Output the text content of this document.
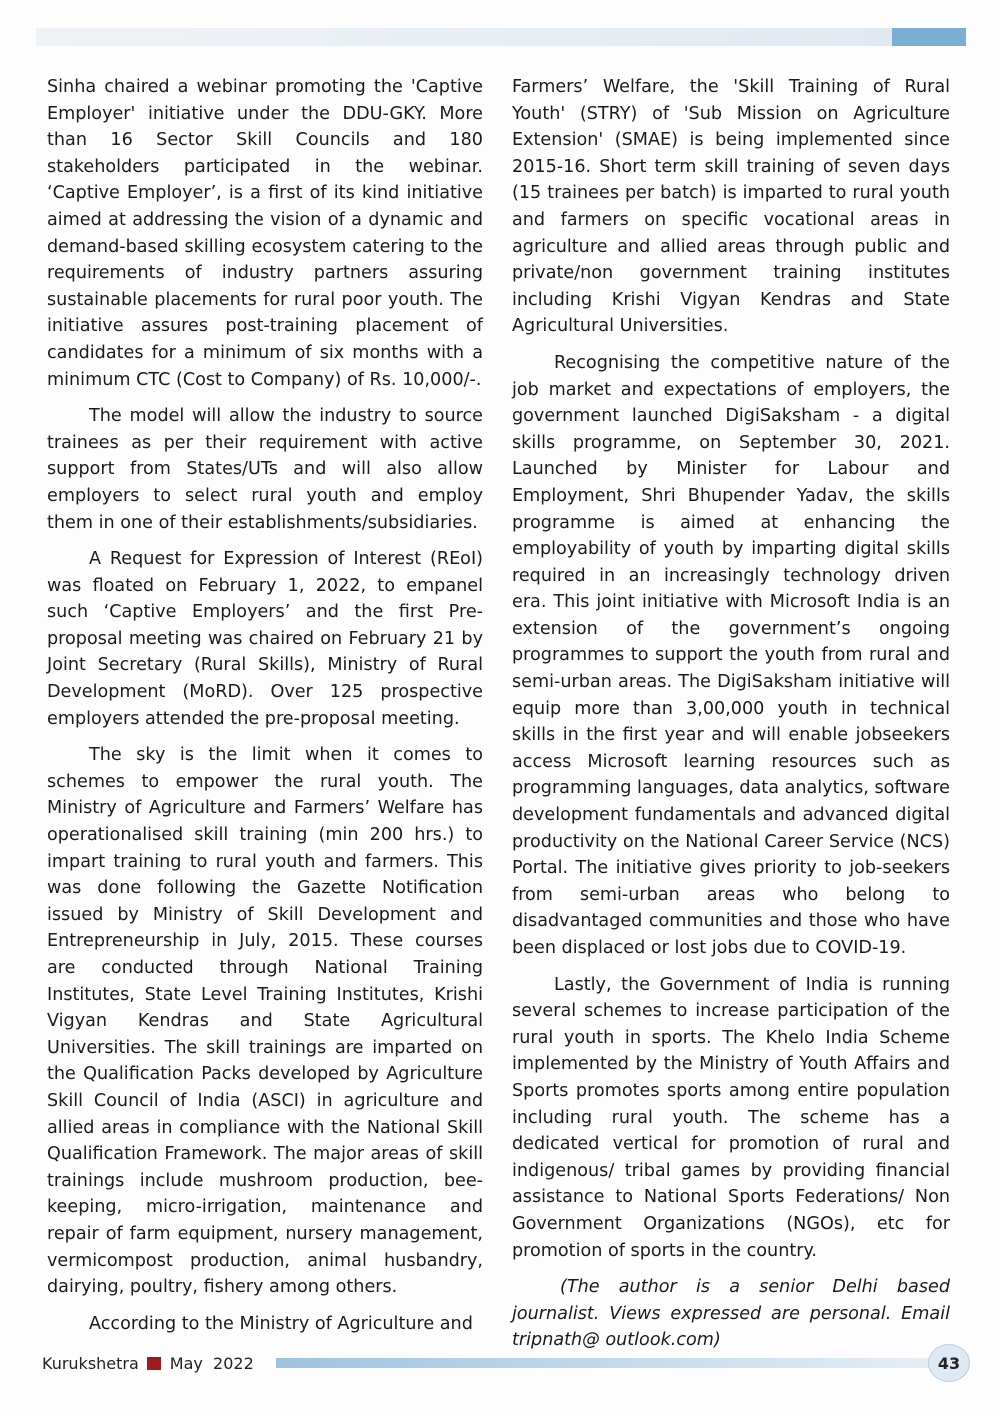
Sinha chaired a webinar promoting the 'Captive Employer' initiative under the DDU-GKY. More than 16 Sector Skill Councils and 180 stakeholders participated in the webinar. ‘Captive Employer’, is a first of its kind initiative aimed at addressing the vision of a dynamic and demand-based skilling ecosystem catering to the requirements of industry partners assuring sustainable placements for rural poor youth. The initiative assures post-training placement of candidates for a minimum of six months with a minimum CTC (Cost to Company) of Rs. 10,000/-.

The model will allow the industry to source trainees as per their requirement with active support from States/UTs and will also allow employers to select rural youth and employ them in one of their establishments/subsidiaries.

A Request for Expression of Interest (REoI) was floated on February 1, 2022, to empanel such ‘Captive Employers’ and the first Pre-proposal meeting was chaired on February 21 by Joint Secretary (Rural Skills), Ministry of Rural Development (MoRD). Over 125 prospective employers attended the pre-proposal meeting.

The sky is the limit when it comes to schemes to empower the rural youth. The Ministry of Agriculture and Farmers’ Welfare has operationalised skill training (min 200 hrs.) to impart training to rural youth and farmers. This was done following the Gazette Notification issued by Ministry of Skill Development and Entrepreneurship in July, 2015. These courses are conducted through National Training Institutes, State Level Training Institutes, Krishi Vigyan Kendras and State Agricultural Universities. The skill trainings are imparted on the Qualification Packs developed by Agriculture Skill Council of India (ASCI) in agriculture and allied areas in compliance with the National Skill Qualification Framework. The major areas of skill trainings include mushroom production, bee-keeping, micro-irrigation, maintenance and repair of farm equipment, nursery management, vermicompost production, animal husbandry, dairying, poultry, fishery among others.

According to the Ministry of Agriculture and

Farmers’ Welfare, the 'Skill Training of Rural Youth' (STRY) of 'Sub Mission on Agriculture Extension' (SMAE) is being implemented since 2015-16. Short term skill training of seven days (15 trainees per batch) is imparted to rural youth and farmers on specific vocational areas in agriculture and allied areas through public and private/non government training institutes including Krishi Vigyan Kendras and State Agricultural Universities.

Recognising the competitive nature of the job market and expectations of employers, the government launched DigiSaksham - a digital skills programme, on September 30, 2021. Launched by Minister for Labour and Employment, Shri Bhupender Yadav, the skills programme is aimed at enhancing the employability of youth by imparting digital skills required in an increasingly technology driven era. This joint initiative with Microsoft India is an extension of the government’s ongoing programmes to support the youth from rural and semi-urban areas. The DigiSaksham initiative will equip more than 3,00,000 youth in technical skills in the first year and will enable jobseekers access Microsoft learning resources such as programming languages, data analytics, software development fundamentals and advanced digital productivity on the National Career Service (NCS) Portal. The initiative gives priority to job-seekers from semi-urban areas who belong to disadvantaged communities and those who have been displaced or lost jobs due to COVID-19.

Lastly, the Government of India is running several schemes to increase participation of the rural youth in sports. The Khelo India Scheme implemented by the Ministry of Youth Affairs and Sports promotes sports among entire population including rural youth. The scheme has a dedicated vertical for promotion of rural and indigenous/ tribal games by providing financial assistance to National Sports Federations/ Non Government Organizations (NGOs), etc for promotion of sports in the country.

(The author is a senior Delhi based journalist. Views expressed are personal. Email tripnath@ outlook.com)

Kurukshetra May  2022	43
